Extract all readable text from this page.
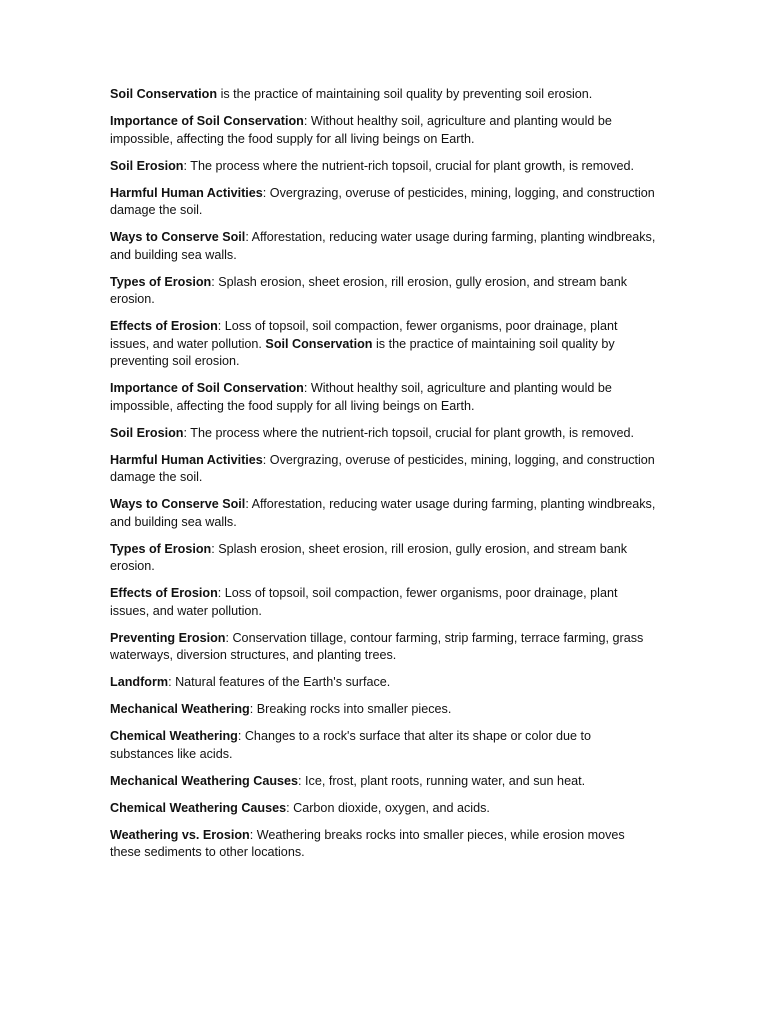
Soil Conservation is the practice of maintaining soil quality by preventing soil erosion.

Importance of Soil Conservation: Without healthy soil, agriculture and planting would be impossible, affecting the food supply for all living beings on Earth.

Soil Erosion: The process where the nutrient-rich topsoil, crucial for plant growth, is removed.

Harmful Human Activities: Overgrazing, overuse of pesticides, mining, logging, and construction damage the soil.

Ways to Conserve Soil: Afforestation, reducing water usage during farming, planting windbreaks, and building sea walls.

Types of Erosion: Splash erosion, sheet erosion, rill erosion, gully erosion, and stream bank erosion.

Effects of Erosion: Loss of topsoil, soil compaction, fewer organisms, poor drainage, plant issues, and water pollution. Soil Conservation is the practice of maintaining soil quality by preventing soil erosion.

Importance of Soil Conservation: Without healthy soil, agriculture and planting would be impossible, affecting the food supply for all living beings on Earth.

Soil Erosion: The process where the nutrient-rich topsoil, crucial for plant growth, is removed.

Harmful Human Activities: Overgrazing, overuse of pesticides, mining, logging, and construction damage the soil.

Ways to Conserve Soil: Afforestation, reducing water usage during farming, planting windbreaks, and building sea walls.

Types of Erosion: Splash erosion, sheet erosion, rill erosion, gully erosion, and stream bank erosion.

Effects of Erosion: Loss of topsoil, soil compaction, fewer organisms, poor drainage, plant issues, and water pollution.

Preventing Erosion: Conservation tillage, contour farming, strip farming, terrace farming, grass waterways, diversion structures, and planting trees.

Landform: Natural features of the Earth's surface.

Mechanical Weathering: Breaking rocks into smaller pieces.

Chemical Weathering: Changes to a rock's surface that alter its shape or color due to substances like acids.

Mechanical Weathering Causes: Ice, frost, plant roots, running water, and sun heat.

Chemical Weathering Causes: Carbon dioxide, oxygen, and acids.

Weathering vs. Erosion: Weathering breaks rocks into smaller pieces, while erosion moves these sediments to other locations.
